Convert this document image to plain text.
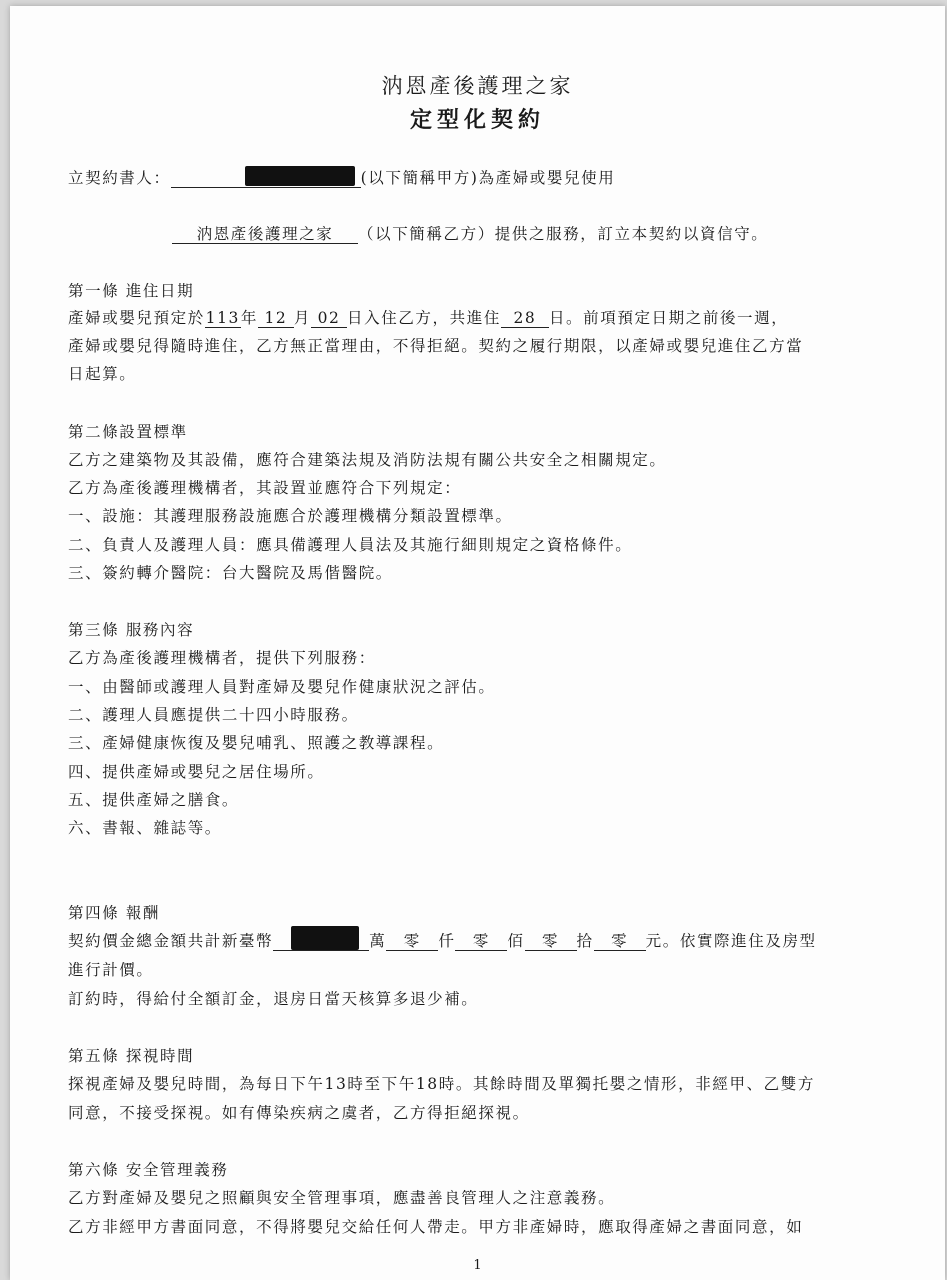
汭恩產後護理之家
定型化契約
立契約書人：	(以下簡稱甲方)為產婦或嬰兒使用
汭恩產後護理之家 （以下簡稱乙方）提供之服務，訂立本契約以資信守。
第一條 進住日期
產婦或嬰兒預定於113年 12 月 02 日入住乙方，共進住 28 日。前項預定日期之前後一週，
產婦或嬰兒得隨時進住，乙方無正當理由，不得拒絕。契約之履行期限，以產婦或嬰兒進住乙方當
日起算。
第二條設置標準
乙方之建築物及其設備，應符合建築法規及消防法規有關公共安全之相關規定。
乙方為產後護理機構者，其設置並應符合下列規定：
一、設施：其護理服務設施應合於護理機構分類設置標準。
二、負責人及護理人員：應具備護理人員法及其施行細則規定之資格條件。
三、簽約轉介醫院：台大醫院及馬偕醫院。
第三條 服務內容
乙方為產後護理機構者，提供下列服務：
一、由醫師或護理人員對產婦及嬰兒作健康狀況之評估。
二、護理人員應提供二十四小時服務。
三、產婦健康恢復及嬰兒哺乳、照護之教導課程。
四、提供產婦或嬰兒之居住場所。
五、提供產婦之膳食。
六、書報、雜誌等。
第四條 報酬
契約價金總金額共計新臺幣	萬 零 仟 零 佰 零 拾 零 元。依實際進住及房型
進行計價。
訂約時，得給付全額訂金，退房日當天核算多退少補。
第五條 探視時間
探視產婦及嬰兒時間，為每日下午13時至下午18時。其餘時間及單獨托嬰之情形，非經甲、乙雙方
同意，不接受探視。如有傳染疾病之虞者，乙方得拒絕探視。
第六條 安全管理義務
乙方對產婦及嬰兒之照顧與安全管理事項，應盡善良管理人之注意義務。
乙方非經甲方書面同意，不得將嬰兒交給任何人帶走。甲方非產婦時，應取得產婦之書面同意，如
1
